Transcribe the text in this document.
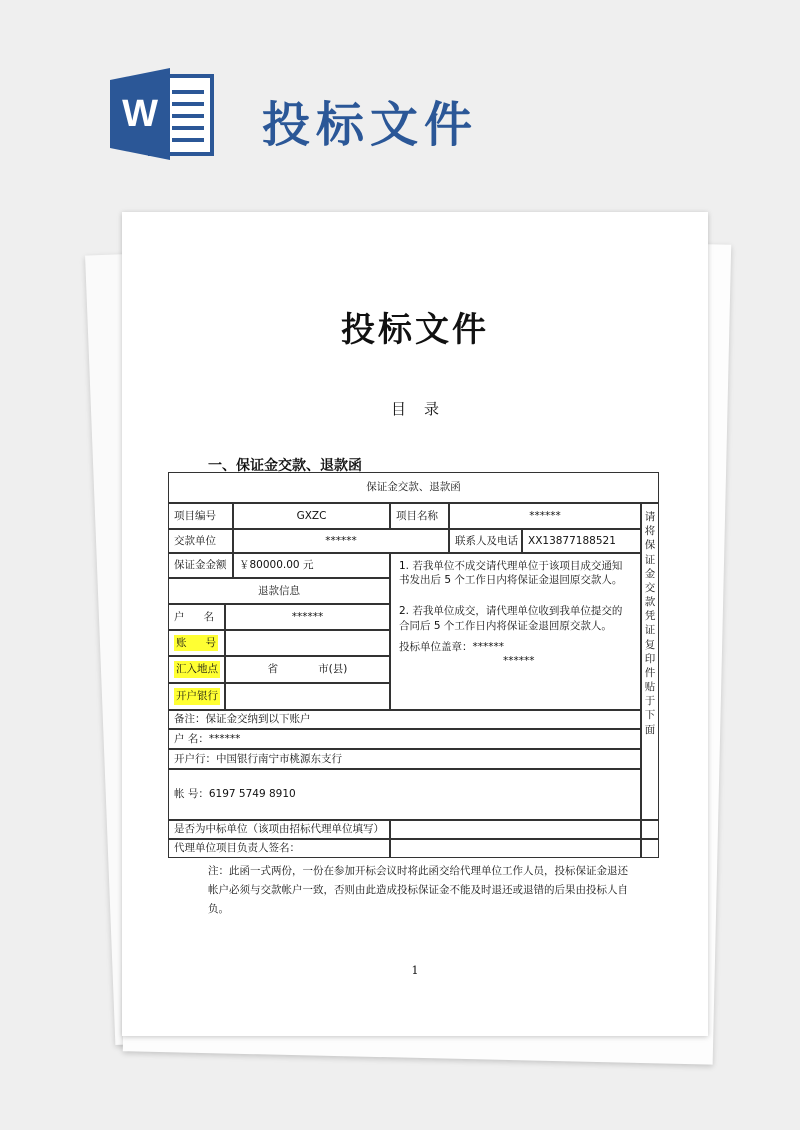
W 投标文件
投标文件
目录
一、保证金交款、退款函
保证金交款、退款函
项目编号	GXZC	项目名称	******	请
将
保
证
金
交
款
凭
证
复
印
件
贴
于
下
面
交款单位	******	联系人及电话 XX13877188521
保证金金额	￥80000.00 元	1. 若我单位不成交请代理单位于该项目成交通知书发出后 5 个工作日内将保证金退回原交款人。
2. 若我单位成交，请代理单位收到我单位提交的合同后 5 个工作日内将保证金退回原交款人。
投标单位盖章：******
******
退款信息
户 名	******
账 号
汇入地点	省	市(县)
开户银行
备注：保证金交纳到以下账户
户 名：******
开户行：中国银行南宁市桃源东支行
帐 号：6197 5749 8910
是否为中标单位（该项由招标代理单位填写）
代理单位项目负责人签名：
注：此函一式两份，一份在参加开标会议时将此函交给代理单位工作人员，投标保证金退还帐户必须与交款帐户一致，否则由此造成投标保证金不能及时退还或退错的后果由投标人自负。
1
